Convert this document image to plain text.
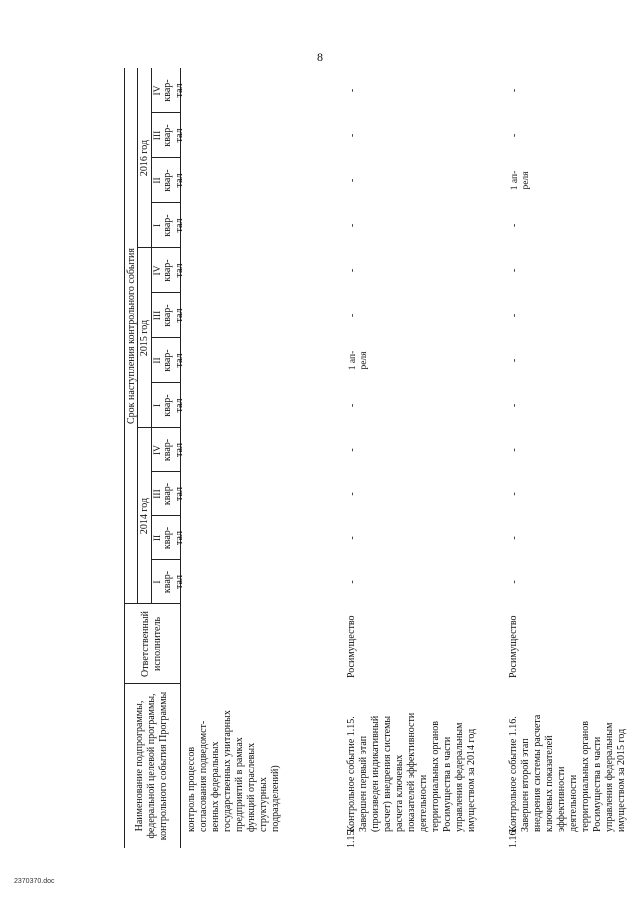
8
2370370.doc
Наименование подпрограммы,
федеральной целевой программы,
контрольного события Программы
Ответственный
исполнитель
Срок наступления контрольного события
2014 год
2015 год
2016 год
контроль процессов
согласования подведомст-
венных федеральных
государственных унитарных
предприятий в рамках
функций отраслевых
структурных
подразделений)
1.15.
Контрольное событие 1.15.
Завершен первый этап
(произведен индикативный
расчет) внедрения системы
расчета ключевых
показателей эффективности
деятельности
территориальных органов
Росимущества в части
управления федеральным
имуществом за 2014 год
Росимущество
1.16.
Контрольное событие 1.16.
Завершен второй этап
внедрения системы расчета
ключевых показателей
эффективности
деятельности
территориальных органов
Росимущества в части
управления федеральным
имуществом за 2015 год
Росимущество
I квар-
тал
II квар-
тал
III квар-
тал
IV квар-
тал
I квар-
тал
II квар-
тал
III квар-
тал
IV квар-
тал
I квар-
тал
II квар-
тал
III квар-
тал
IV квар-
тал
-
-
-
-
-
1 ап-
реля
-
-
-
-
-
-
-
-
-
-
-
-
-
-
-
1 ап-
реля
-
-
